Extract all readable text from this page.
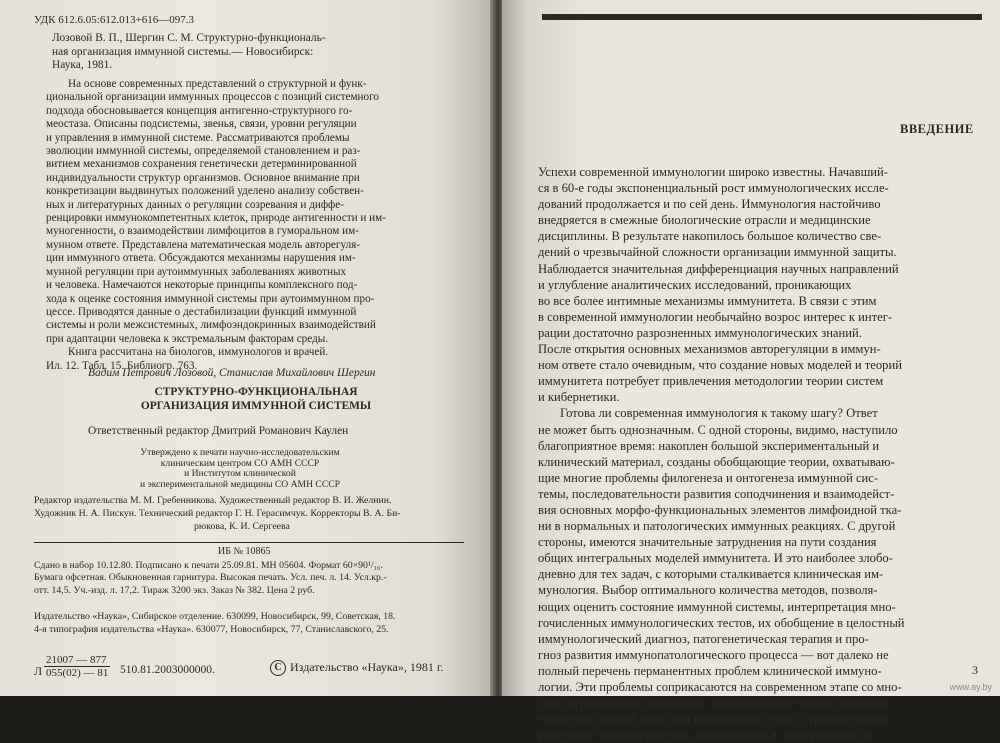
УДК 612.6.05:612.013+616—097.3
Лозовой В. П., Шергин С. М. Структурно-функциональ-
ная организация иммунной системы.— Новосибирск:
Наука, 1981.
На основе современных представлений о структурной и функ-
циональной организации иммунных процессов с позиций системного
подхода обосновывается концепция антигенно-структурного го-
меостаза. Описаны подсистемы, звенья, связи, уровни регуляции
и управления в иммунной системе. Рассматриваются проблемы
эволюции иммунной системы, определяемой становлением и раз-
витием механизмов сохранения генетически детерминированной
индивидуальности структур организмов. Основное внимание при
конкретизации выдвинутых положений уделено анализу собствен-
ных и литературных данных о регуляции созревания и диффе-
ренцировки иммунокомпетентных клеток, природе антигенности и им-
муногенности, о взаимодействии лимфоцитов в гуморальном им-
мунном ответе. Представлена математическая модель авторегуля-
ции иммунного ответа. Обсуждаются механизмы нарушения им-
мунной регуляции при аутоиммунных заболеваниях животных
и человека. Намечаются некоторые принципы комплексного под-
хода к оценке состояния иммунной системы при аутоиммунном про-
цессе. Приводятся данные о дестабилизации функций иммунной
системы и роли межсистемных, лимфоэндокринных взаимодействий
при адаптации человека к экстремальным факторам среды.
Книга рассчитана на биологов, иммунологов и врачей.
Ил. 12. Табл. 15. Библиогр. 763.
Вадим Петрович Лозовой, Станислав Михайлович Шергин
СТРУКТУРНО-ФУНКЦИОНАЛЬНАЯ
ОРГАНИЗАЦИЯ ИММУННОЙ СИСТЕМЫ
Ответственный редактор Дмитрий Романович Каулен
Утверждено к печати научно-исследовательским
клиническим центром СО АМН СССР
и Институтом клинической
и экспериментальной медицины СО АМН СССР
Редактор издательства М. М. Гребенникова. Художественный редактор В. И. Желнин.
Художник Н. А. Пискун. Технический редактор Г. Н. Герасимчук. Корректоры В. А. Би-
рюкова, К. И. Сергеева
ИБ № 10865
Сдано в набор 10.12.80. Подписано к печати 25.09.81. МН 05604. Формат 60×90¹/₁₆.
Бумага офсетная. Обыкновенная гарнитура. Высокая печать. Усл. печ. л. 14. Усл.кр.-
отт. 14,5. Уч.-изд. л. 17,2. Тираж 3200 экз. Заказ № 382. Цена 2 руб.
Издательство «Наука», Сибирское отделение. 630099, Новосибирск, 99, Советская, 18.
4-я типография издательства «Наука». 630077, Новосибирск, 77, Станиславского, 25.
Л $\frac{21007 — 877}{055(02) — 81} 510.81.2003000000$.	C Издательство «Наука», 1981 г.
ВВЕДЕНИЕ
Успехи современной иммунологии широко известны. Начавший-
ся в 60-е годы экспоненциальный рост иммунологических иссле-
дований продолжается и по сей день. Иммунология настойчиво
внедряется в смежные биологические отрасли и медицинские
дисциплины. В результате накопилось большое количество све-
дений о чрезвычайной сложности организации иммунной защиты.
Наблюдается значительная дифференциация научных направлений
и углубление аналитических исследований, проникающих
во все более интимные механизмы иммунитета. В связи с этим
в современной иммунологии необычайно возрос интерес к интег-
рации достаточно разрозненных иммунологических знаний.
После открытия основных механизмов авторегуляции в иммун-
ном ответе стало очевидным, что создание новых моделей и теорий
иммунитета потребует привлечения методологии теории систем
и кибернетики.
Готова ли современная иммунология к такому шагу? Ответ
не может быть однозначным. С одной стороны, видимо, наступило
благоприятное время: накоплен большой экспериментальный и
клинический материал, созданы обобщающие теории, охватываю-
щие многие проблемы филогенеза и онтогенеза иммунной сис-
темы, последовательности развития соподчинения и взаимодейст-
вия основных морфо-функциональных элементов лимфоидной тка-
ни в нормальных и патологических иммунных реакциях. С другой
стороны, имеются значительные затруднения на пути создания
общих интегральных моделей иммунитета. И это наиболее злобо-
дневно для тех задач, с которыми сталкивается клиническая им-
мунология. Выбор оптимального количества методов, позволя-
ющих оценить состояние иммунной системы, интерпретация мно-
гочисленных иммунологических тестов, их обобщение в целостный
иммунологический диагноз, патогенетическая терапия и про-
гноз развития иммунопатологического процесса — вот далеко не
полный перечень перманентных проблем клинической иммуно-
логии. Эти проблемы соприкасаются на современном этапе со мно-
гими нерешенными вопросами, связанными не только с недоста-
точностью знаний о том или ином процессе или с трудностью пе-
ренесения закономерностей, наблюдаемых в эксперименте, на
3
www.ay.by
